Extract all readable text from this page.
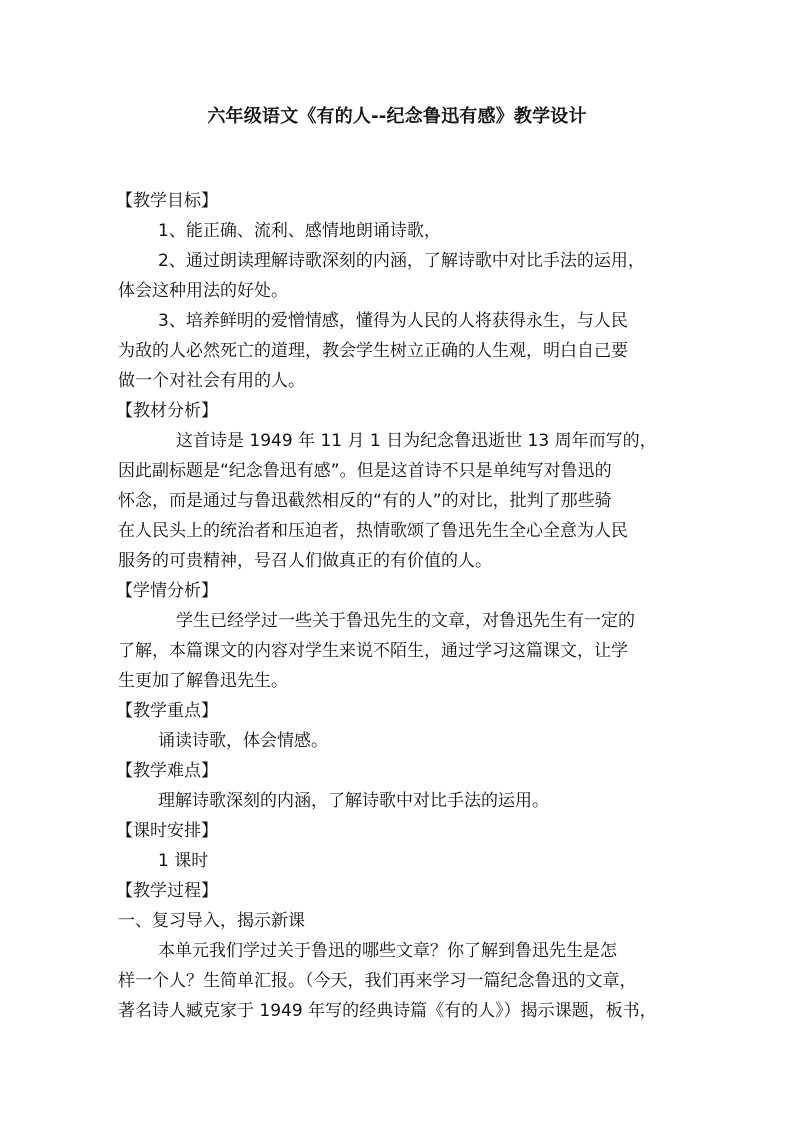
六年级语文《有的人--纪念鲁迅有感》教学设计
【教学目标】
1、能正确、流利、感情地朗诵诗歌，
2、通过朗读理解诗歌深刻的内涵，了解诗歌中对比手法的运用，
体会这种用法的好处。
3、培养鲜明的爱憎情感，懂得为人民的人将获得永生，与人民
为敌的人必然死亡的道理，教会学生树立正确的人生观，明白自己要
做一个对社会有用的人。
【教材分析】
这首诗是 1949 年 11 月 1 日为纪念鲁迅逝世 13 周年而写的，
因此副标题是“纪念鲁迅有感”。但是这首诗不只是单纯写对鲁迅的
怀念，而是通过与鲁迅截然相反的“有的人”的对比，批判了那些骑
在人民头上的统治者和压迫者，热情歌颂了鲁迅先生全心全意为人民
服务的可贵精神，号召人们做真正的有价值的人。
【学情分析】
学生已经学过一些关于鲁迅先生的文章，对鲁迅先生有一定的
了解，本篇课文的内容对学生来说不陌生，通过学习这篇课文，让学
生更加了解鲁迅先生。
【教学重点】
诵读诗歌，体会情感。
【教学难点】
理解诗歌深刻的内涵，了解诗歌中对比手法的运用。
【课时安排】
1 课时
【教学过程】
一、复习导入，揭示新课
本单元我们学过关于鲁迅的哪些文章？你了解到鲁迅先生是怎
样一个人？生简单汇报。（今天，我们再来学习一篇纪念鲁迅的文章，
著名诗人臧克家于 1949 年写的经典诗篇《有的人》）揭示课题，板书，
